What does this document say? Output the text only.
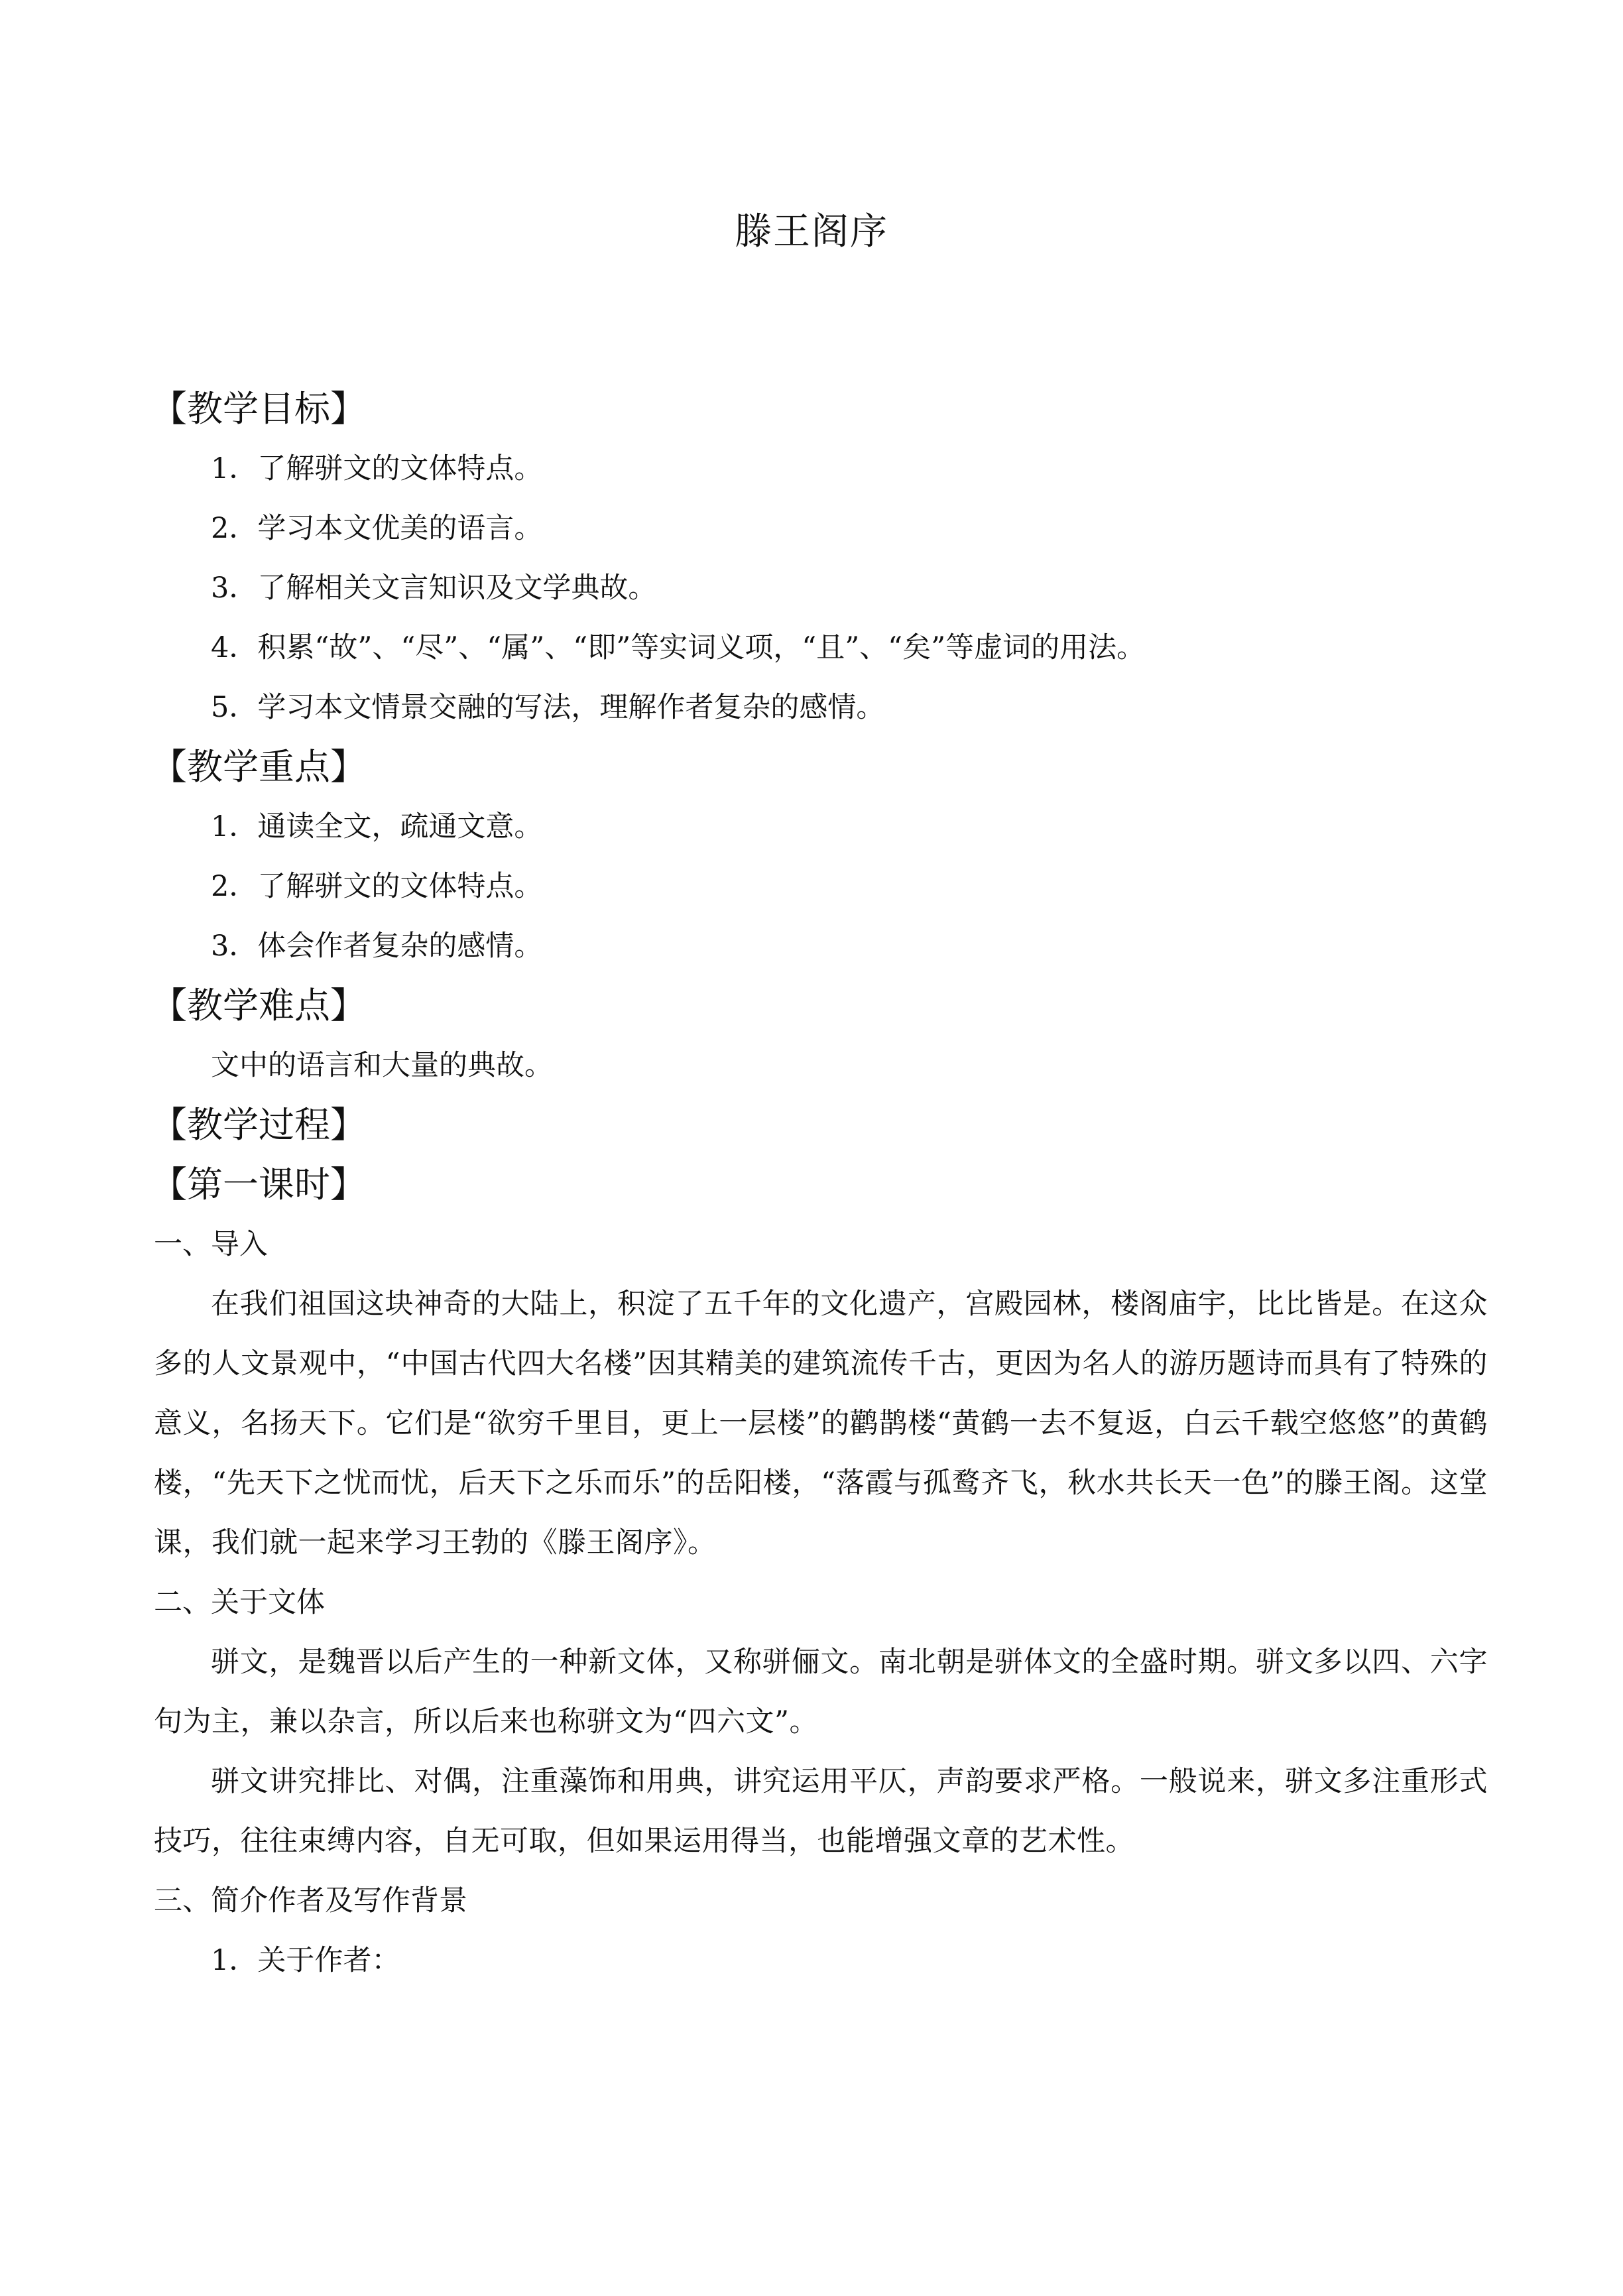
滕王阁序
【教学目标】
1．了解骈文的文体特点。
2．学习本文优美的语言。
3．了解相关文言知识及文学典故。
4．积累“故”、“尽”、“属”、“即”等实词义项，“且”、“矣”等虚词的用法。
5．学习本文情景交融的写法，理解作者复杂的感情。
【教学重点】
1．通读全文，疏通文意。
2．了解骈文的文体特点。
3．体会作者复杂的感情。
【教学难点】
文中的语言和大量的典故。
【教学过程】
【第一课时】
一、导入
在我们祖国这块神奇的大陆上，积淀了五千年的文化遗产，宫殿园林，楼阁庙宇，比比皆是。在这众多的人文景观中，“中国古代四大名楼”因其精美的建筑流传千古，更因为名人的游历题诗而具有了特殊的意义，名扬天下。它们是“欲穷千里目，更上一层楼”的鹳鹊楼“黄鹤一去不复返，白云千载空悠悠”的黄鹤楼，“先天下之忧而忧，后天下之乐而乐”的岳阳楼，“落霞与孤鹜齐飞，秋水共长天一色”的滕王阁。这堂课，我们就一起来学习王勃的《滕王阁序》。
二、关于文体
骈文，是魏晋以后产生的一种新文体，又称骈俪文。南北朝是骈体文的全盛时期。骈文多以四、六字句为主，兼以杂言，所以后来也称骈文为“四六文”。
骈文讲究排比、对偶，注重藻饰和用典，讲究运用平仄，声韵要求严格。一般说来，骈文多注重形式技巧，往往束缚内容，自无可取，但如果运用得当，也能增强文章的艺术性。
三、简介作者及写作背景
1．关于作者：
